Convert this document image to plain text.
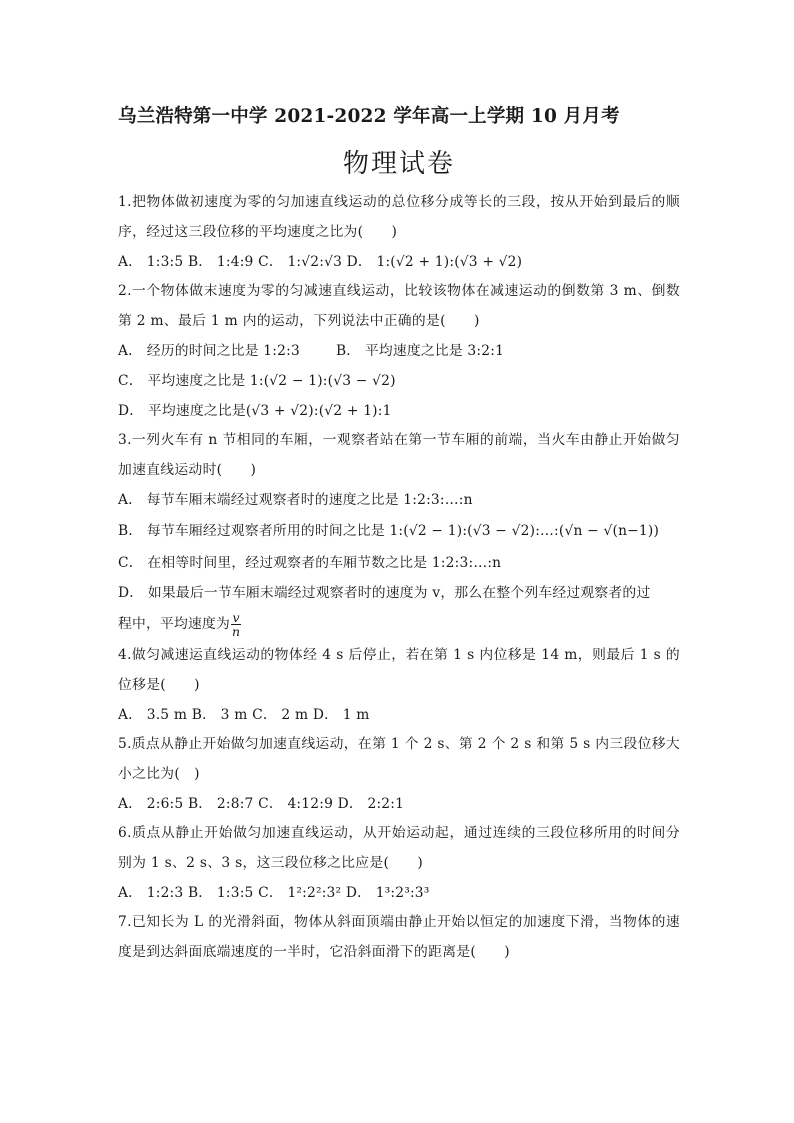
乌兰浩特第一中学 2021-2022 学年高一上学期 10 月月考
物理试卷

1.把物体做初速度为零的匀加速直线运动的总位移分成等长的三段，按从开始到最后的顺序，经过这三段位移的平均速度之比为(　　)

A． 1:3:5 B． 1:4:9 C． 1:√2:√3 D． 1:(√2 + 1):(√3 + √2)

2.一个物体做末速度为零的匀减速直线运动，比较该物体在减速运动的倒数第 3 m、倒数第 2 m、最后 1 m 内的运动，下列说法中正确的是(　　)

A． 经历的时间之比是 1:2:3	B． 平均速度之比是 3:2:1

C． 平均速度之比是 1:(√2 − 1):(√3 − √2)

D． 平均速度之比是(√3 + √2):(√2 + 1):1

3.一列火车有 n 节相同的车厢，一观察者站在第一节车厢的前端，当火车由静止开始做匀加速直线运动时(　　)

A． 每节车厢末端经过观察者时的速度之比是 1:2:3:…:n

B． 每节车厢经过观察者所用的时间之比是 1:(√2 − 1):(√3 − √2):…:(√n − √(n−1))

C． 在相等时间里，经过观察者的车厢节数之比是 1:2:3:…:n

D． 如果最后一节车厢末端经过观察者时的速度为 v，那么在整个列车经过观察者的过

程中，平均速度为 $\frac{v}{n}$

4.做匀减速运直线运动的物体经 4 s 后停止，若在第 1 s 内位移是 14 m，则最后 1 s 的位移是(　　)

A． 3.5 m B． 3 m C． 2 m D． 1 m

5.质点从静止开始做匀加速直线运动，在第 1 个 2 s、第 2 个 2 s 和第 5 s 内三段位移大小之比为(　)

A． 2:6:5 B． 2:8:7 C． 4:12:9 D． 2:2:1

6.质点从静止开始做匀加速直线运动，从开始运动起，通过连续的三段位移所用的时间分别为 1 s、2 s、3 s，这三段位移之比应是(　　)

A． 1:2:3 B． 1:3:5 C． 1²:2²:3² D． 1³:2³:3³

7.已知长为 L 的光滑斜面，物体从斜面顶端由静止开始以恒定的加速度下滑，当物体的速度是到达斜面底端速度的一半时，它沿斜面滑下的距离是(　　)
